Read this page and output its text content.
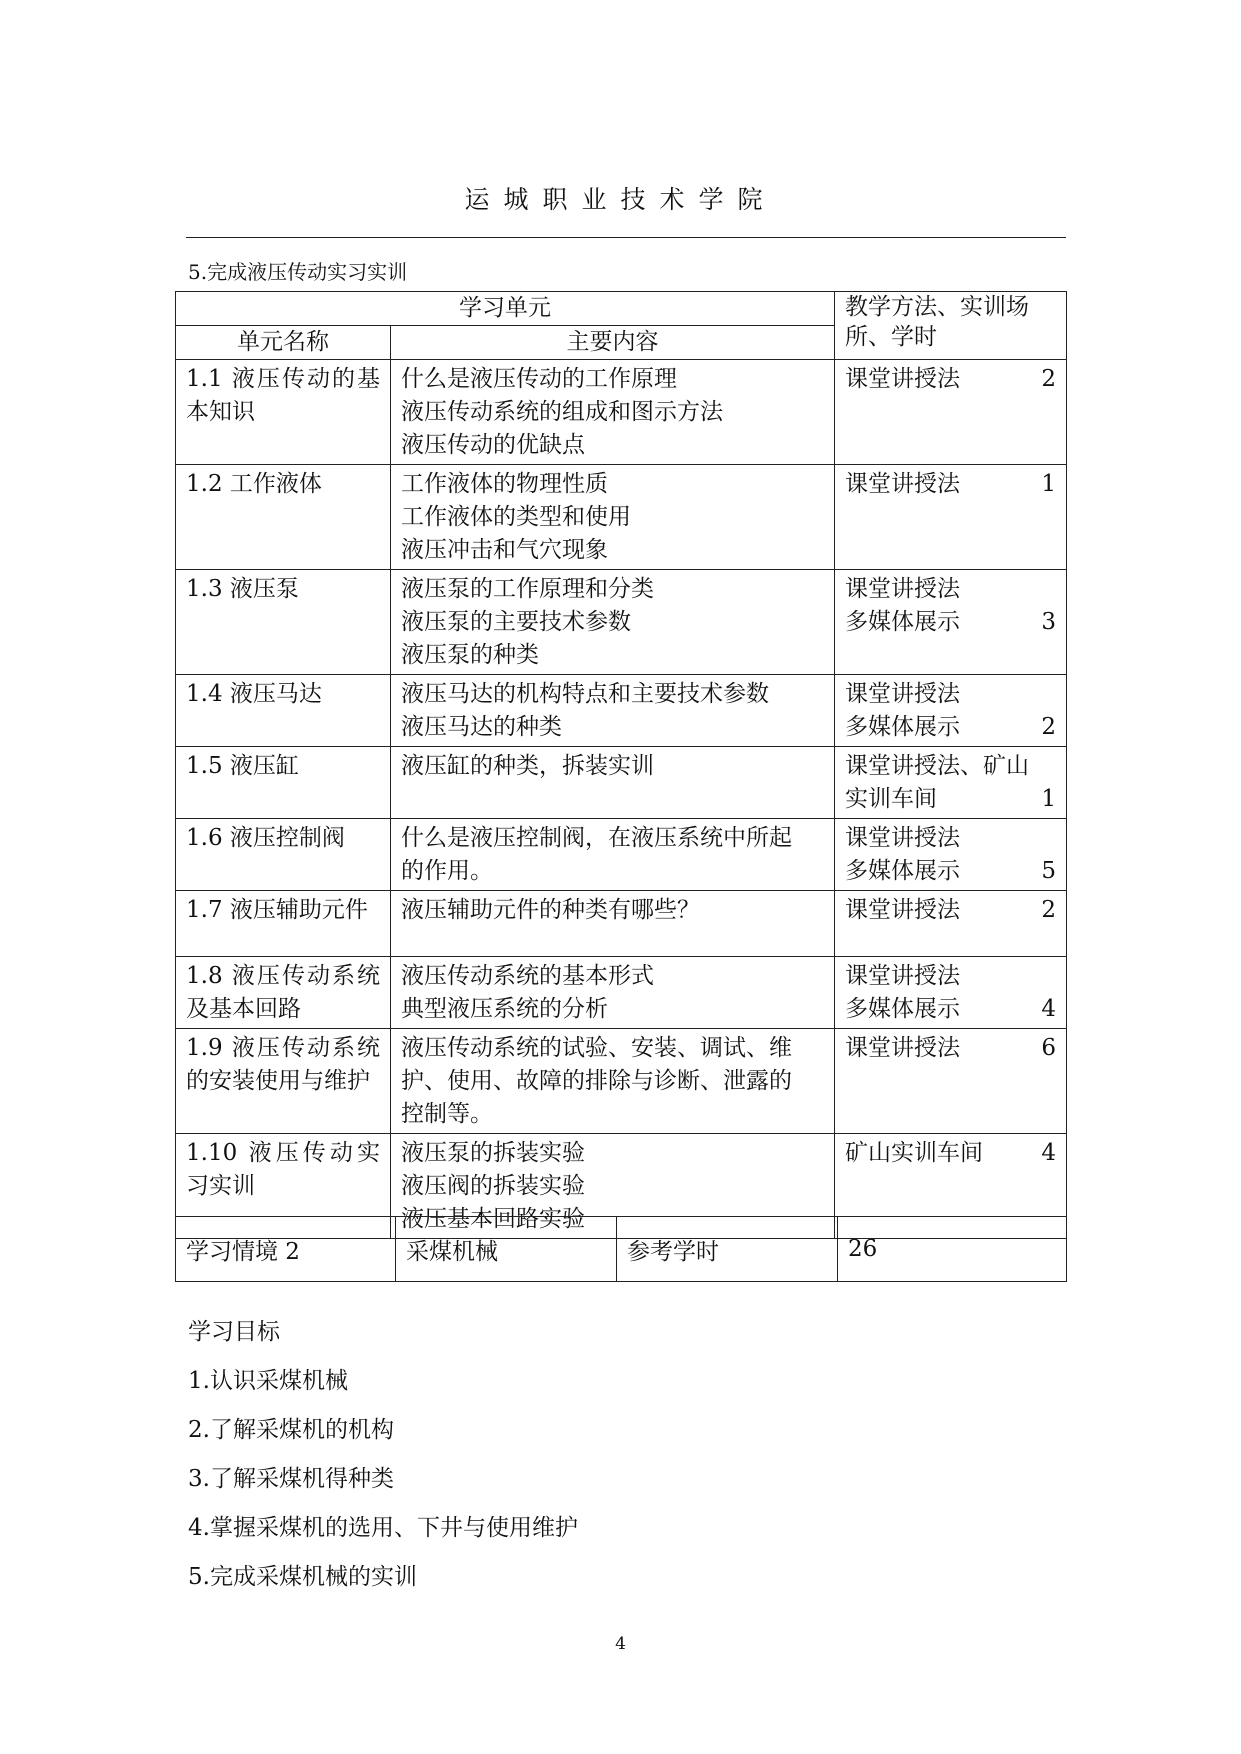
运城职业技术学院
5.完成液压传动实习实训
学习单元		教学方法、实训场所、学时
单元名称	主要内容	
1.1 液压传动的基本知识	什么是液压传动的工作原理
液压传动系统的组成和图示方法
液压传动的优缺点	课堂讲授法 2

1.2 工作液体	工作液体的物理性质
工作液体的类型和使用
液压冲击和气穴现象	课堂讲授法 1

1.3 液压泵	液压泵的工作原理和分类
液压泵的主要技术参数
液压泵的种类	课堂讲授法
多媒体展示 3

1.4 液压马达	液压马达的机构特点和主要技术参数
液压马达的种类	课堂讲授法
多媒体展示 2

1.5 液压缸	液压缸的种类，拆装实训	课堂讲授法、矿山
实训车间 1

1.6 液压控制阀	什么是液压控制阀，在液压系统中所起
的作用。	课堂讲授法
多媒体展示 5

1.7 液压辅助元件	液压辅助元件的种类有哪些？	课堂讲授法 2

1.8 液压传动系统及基本回路	液压传动系统的基本形式
典型液压系统的分析	课堂讲授法
多媒体展示 4

1.9 液压传动系统的安装使用与维护	液压传动系统的试验、安装、调试、维
护、使用、故障的排除与诊断、泄露的
控制等。	课堂讲授法 6

1.10 液压传动实习实训	液压泵的拆装实验
液压阀的拆装实验
液压基本回路实验	矿山实训车间 4
学习情境 2	采煤机械	参考学时	26
学习目标
1.认识采煤机械
2.了解采煤机的机构
3.了解采煤机得种类
4.掌握采煤机的选用、下井与使用维护
5.完成采煤机械的实训
4
